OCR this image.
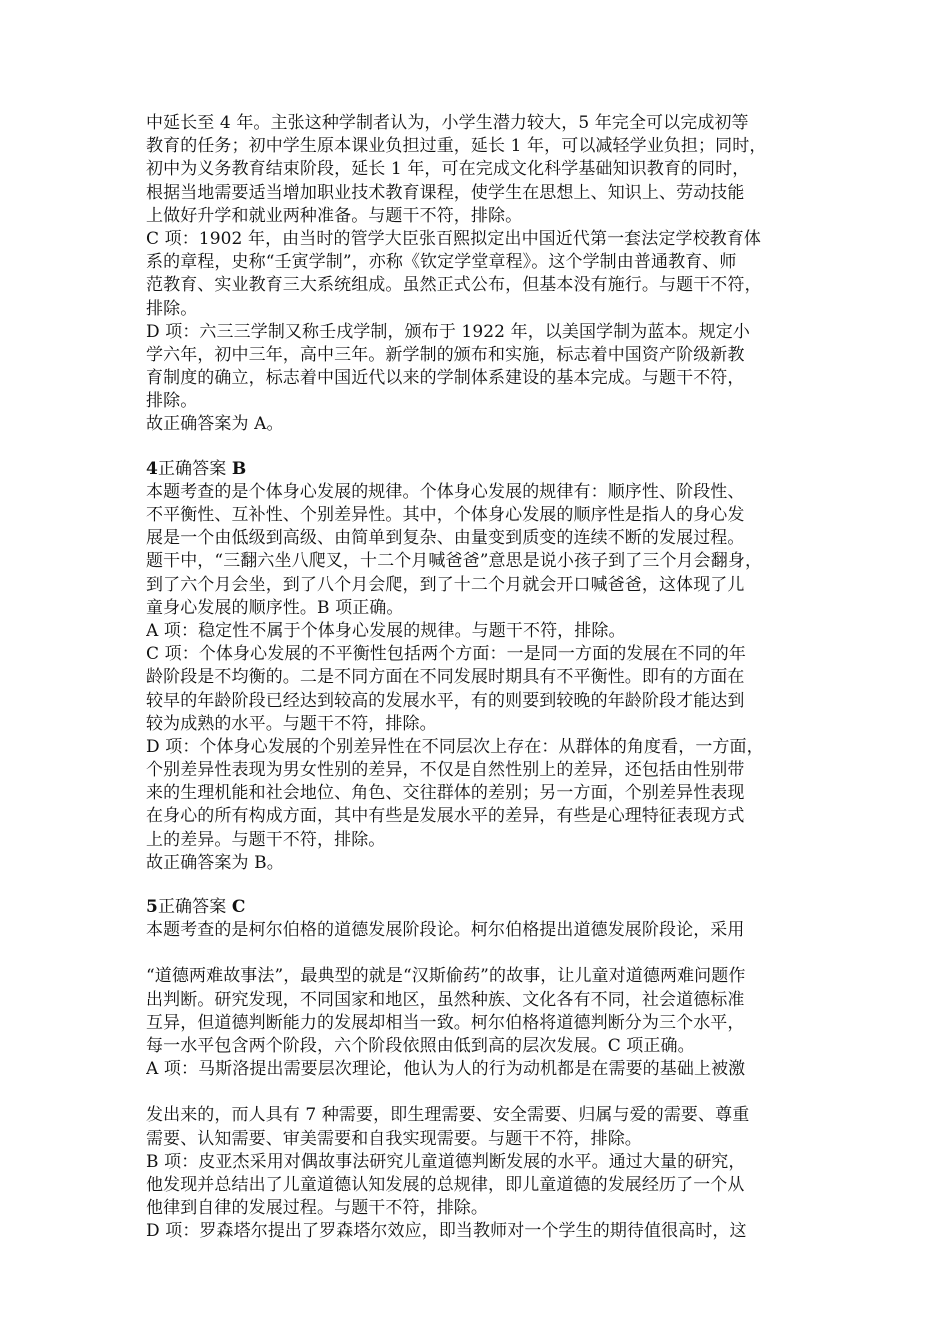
中延长至 4 年。主张这种学制者认为，小学生潜力较大，5 年完全可以完成初等
教育的任务；初中学生原本课业负担过重，延长 1 年，可以减轻学业负担；同时，
初中为义务教育结束阶段，延长 1 年，可在完成文化科学基础知识教育的同时，
根据当地需要适当增加职业技术教育课程，使学生在思想上、知识上、劳动技能
上做好升学和就业两种准备。与题干不符，排除。
C 项：1902 年，由当时的管学大臣张百熙拟定出中国近代第一套法定学校教育体
系的章程，史称“壬寅学制”，亦称《钦定学堂章程》。这个学制由普通教育、师
范教育、实业教育三大系统组成。虽然正式公布，但基本没有施行。与题干不符，
排除。
D 项：六三三学制又称壬戌学制，颁布于 1922 年，以美国学制为蓝本。规定小
学六年，初中三年，高中三年。新学制的颁布和实施，标志着中国资产阶级新教
育制度的确立，标志着中国近代以来的学制体系建设的基本完成。与题干不符，
排除。
故正确答案为 A。
4正确答案 B
本题考查的是个体身心发展的规律。个体身心发展的规律有：顺序性、阶段性、
不平衡性、互补性、个别差异性。其中，个体身心发展的顺序性是指人的身心发
展是一个由低级到高级、由简单到复杂、由量变到质变的连续不断的发展过程。
题干中，“三翻六坐八爬叉，十二个月喊爸爸”意思是说小孩子到了三个月会翻身，
到了六个月会坐，到了八个月会爬，到了十二个月就会开口喊爸爸，这体现了儿
童身心发展的顺序性。B 项正确。
A 项：稳定性不属于个体身心发展的规律。与题干不符，排除。
C 项：个体身心发展的不平衡性包括两个方面：一是同一方面的发展在不同的年
龄阶段是不均衡的。二是不同方面在不同发展时期具有不平衡性。即有的方面在
较早的年龄阶段已经达到较高的发展水平，有的则要到较晚的年龄阶段才能达到
较为成熟的水平。与题干不符，排除。
D 项：个体身心发展的个别差异性在不同层次上存在：从群体的角度看，一方面，
个别差异性表现为男女性别的差异，不仅是自然性别上的差异，还包括由性别带
来的生理机能和社会地位、角色、交往群体的差别；另一方面，个别差异性表现
在身心的所有构成方面，其中有些是发展水平的差异，有些是心理特征表现方式
上的差异。与题干不符，排除。
故正确答案为 B。
5正确答案 C
本题考查的是柯尔伯格的道德发展阶段论。柯尔伯格提出道德发展阶段论，采用
“道德两难故事法”，最典型的就是“汉斯偷药”的故事，让儿童对道德两难问题作
出判断。研究发现，不同国家和地区，虽然种族、文化各有不同，社会道德标准
互异，但道德判断能力的发展却相当一致。柯尔伯格将道德判断分为三个水平，
每一水平包含两个阶段，六个阶段依照由低到高的层次发展。C 项正确。
A 项：马斯洛提出需要层次理论，他认为人的行为动机都是在需要的基础上被激
发出来的，而人具有 7 种需要，即生理需要、安全需要、归属与爱的需要、尊重
需要、认知需要、审美需要和自我实现需要。与题干不符，排除。
B 项：皮亚杰采用对偶故事法研究儿童道德判断发展的水平。通过大量的研究，
他发现并总结出了儿童道德认知发展的总规律，即儿童道德的发展经历了一个从
他律到自律的发展过程。与题干不符，排除。
D 项：罗森塔尔提出了罗森塔尔效应，即当教师对一个学生的期待值很高时，这
